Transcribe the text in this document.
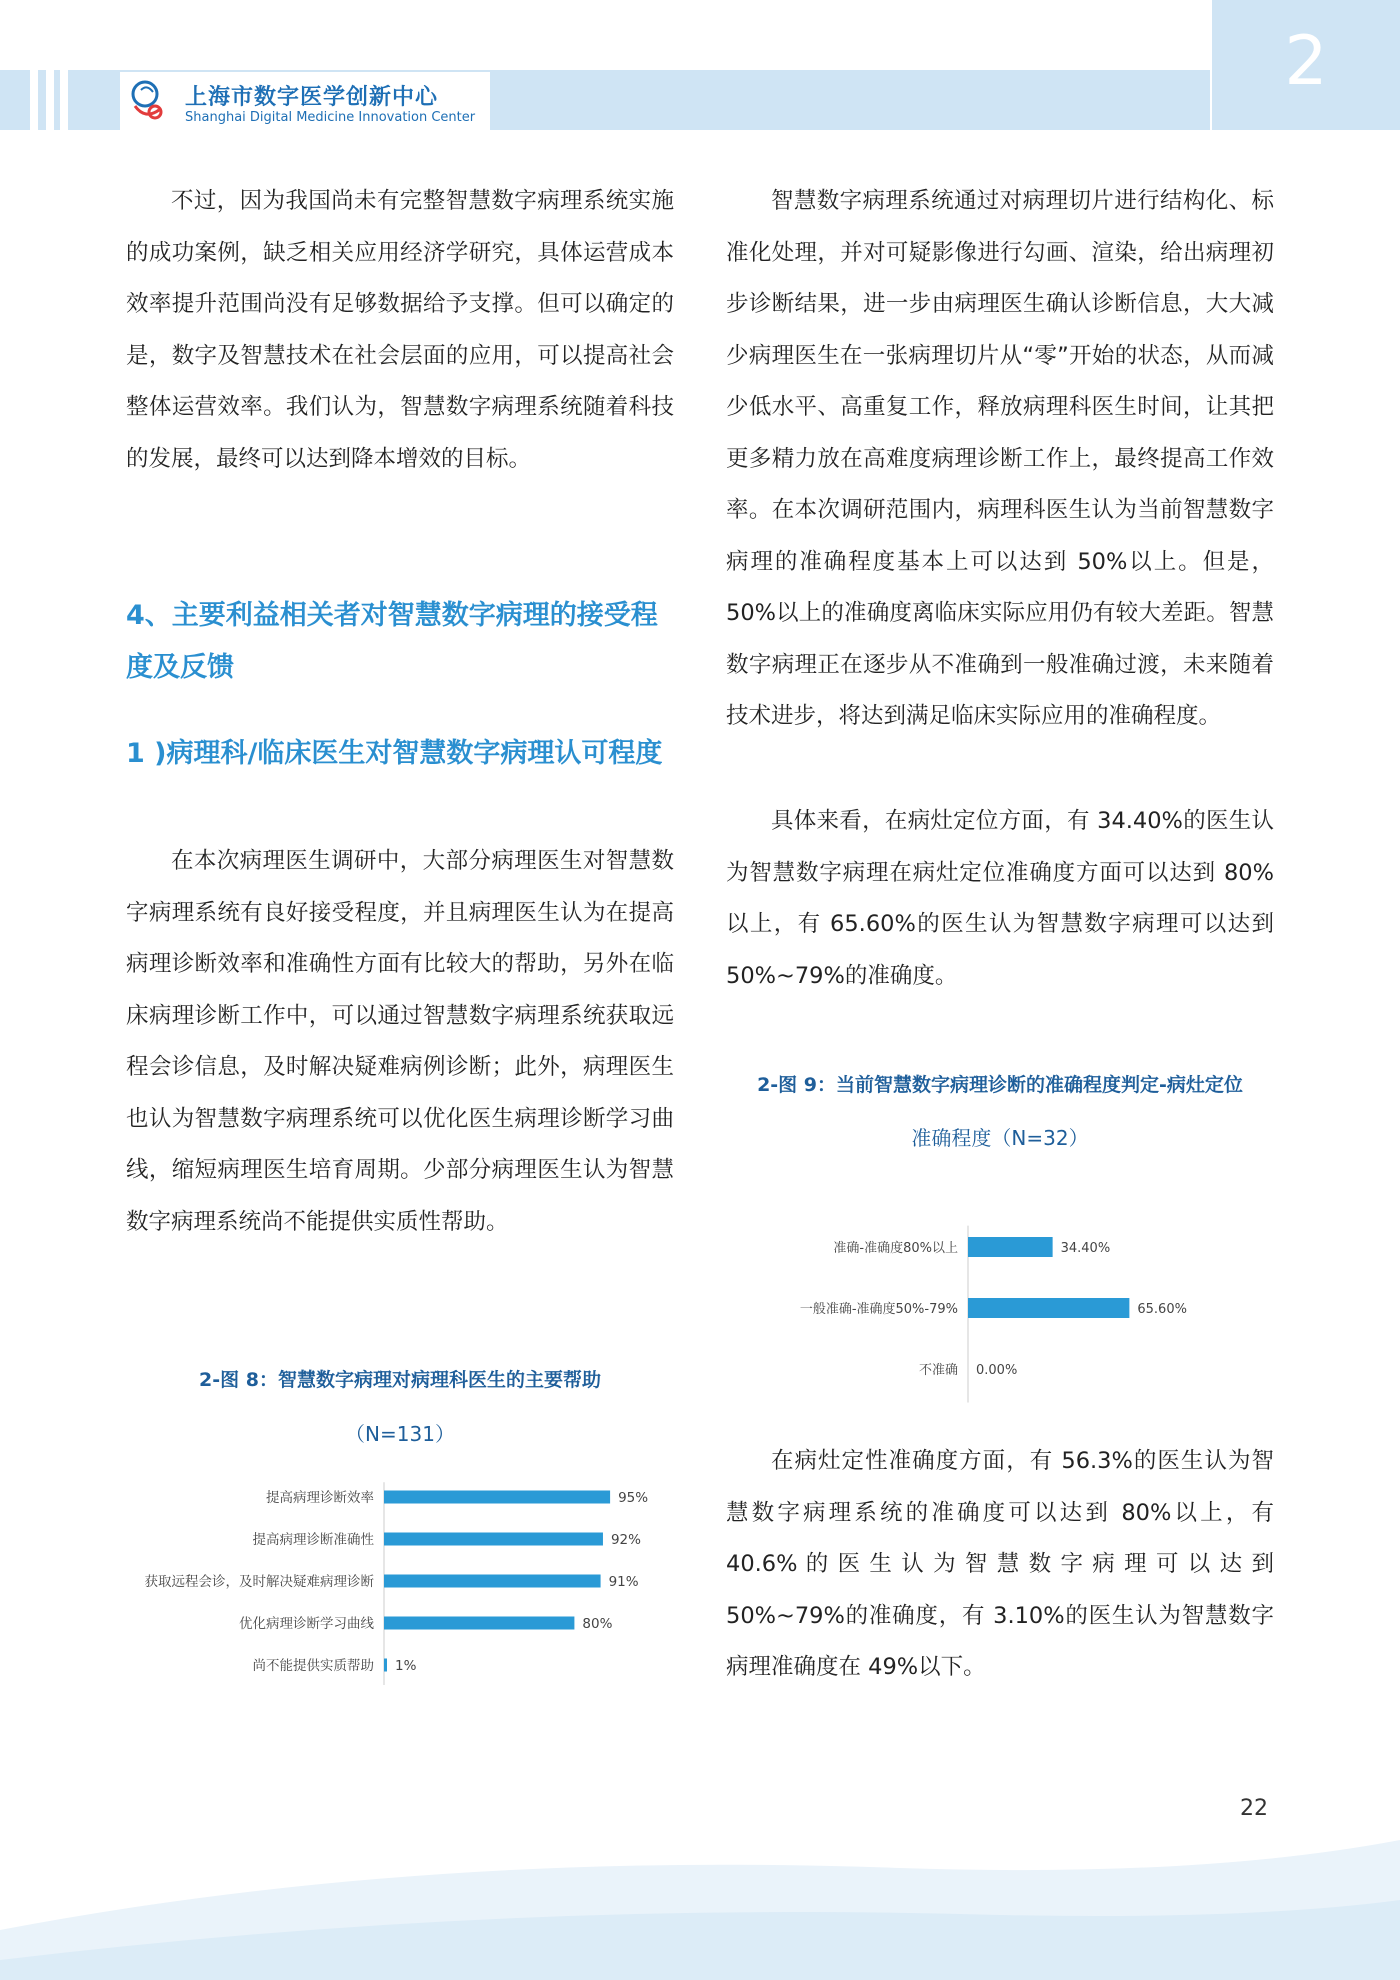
上海市数字医学创新中心
Shanghai Digital Medicine Innovation Center
2

不过，因为我国尚未有完整智慧数字病理系统实施的成功案例，缺乏相关应用经济学研究，具体运营成本效率提升范围尚没有足够数据给予支撑。但可以确定的是，数字及智慧技术在社会层面的应用，可以提高社会整体运营效率。我们认为，智慧数字病理系统随着科技的发展，最终可以达到降本增效的目标。

4、主要利益相关者对智慧数字病理的接受程度及反馈
1 )病理科/临床医生对智慧数字病理认可程度

在本次病理医生调研中，大部分病理医生对智慧数字病理系统有良好接受程度，并且病理医生认为在提高病理诊断效率和准确性方面有比较大的帮助，另外在临床病理诊断工作中，可以通过智慧数字病理系统获取远程会诊信息，及时解决疑难病例诊断；此外，病理医生也认为智慧数字病理系统可以优化医生病理诊断学习曲线，缩短病理医生培育周期。少部分病理医生认为智慧数字病理系统尚不能提供实质性帮助。

2-图 8：智慧数字病理对病理科医生的主要帮助

（N=131）

提高病理诊断效率	95%
提高病理诊断准确性	92%
获取远程会诊，及时解决疑难病理诊断	91%
优化病理诊断学习曲线	80%
尚不能提供实质帮助 1%

智慧数字病理系统通过对病理切片进行结构化、标准化处理，并对可疑影像进行勾画、渲染，给出病理初步诊断结果，进一步由病理医生确认诊断信息，大大减少病理医生在一张病理切片从“零”开始的状态，从而减少低水平、高重复工作，释放病理科医生时间，让其把更多精力放在高难度病理诊断工作上，最终提高工作效率。在本次调研范围内，病理科医生认为当前智慧数字病理的准确程度基本上可以达到 50%以上。但是， 50%以上的准确度离临床实际应用仍有较大差距。智慧数字病理正在逐步从不准确到一般准确过渡，未来随着技术进步，将达到满足临床实际应用的准确程度。

具体来看，在病灶定位方面，有 34.40%的医生认为智慧数字病理在病灶定位准确度方面可以达到 80%以上，有 65.60%的医生认为智慧数字病理可以达到 50%~79%的准确度。

2-图 9：当前智慧数字病理诊断的准确程度判定-病灶定位

准确程度（N=32）

准确-准确度80%以上	34.40%
一般准确-准确度50%-79%	65.60%
不准确 0.00%

在病灶定性准确度方面，有 56.3%的医生认为智慧数字病理系统的准确度可以达到 80%以上，有 40.6% 的 医 生 认 为 智 慧 数 字 病 理 可 以 达 到 50%~79%的准确度，有 3.10%的医生认为智慧数字病理准确度在 49%以下。

22
